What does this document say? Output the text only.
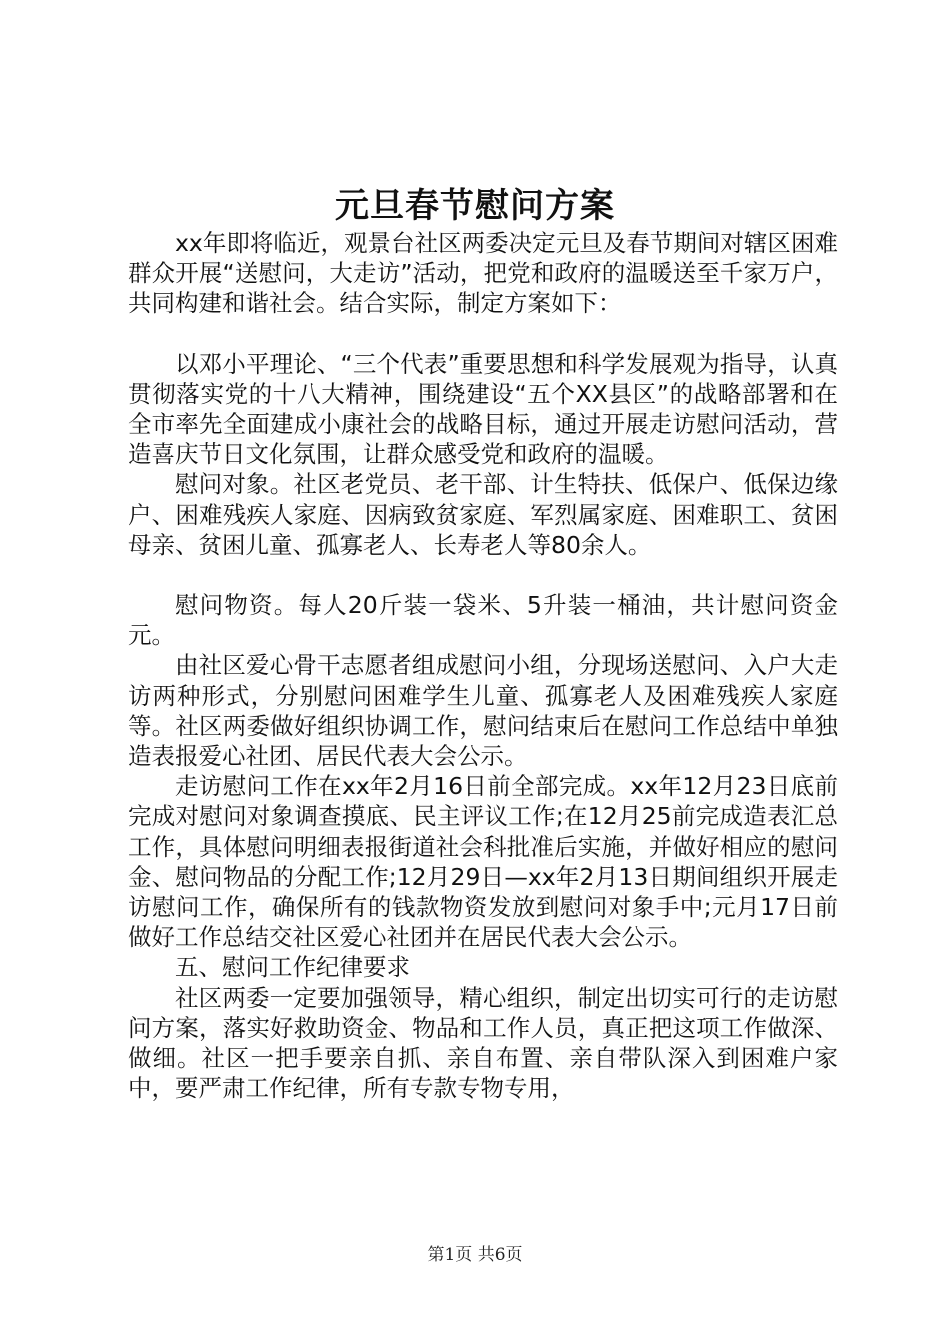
元旦春节慰问方案

xx年即将临近，观景台社区两委决定元旦及春节期间对辖区困难群众开展“送慰问，大走访”活动，把党和政府的温暖送至千家万户，共同构建和谐社会。结合实际，制定方案如下：

以邓小平理论、“三个代表”重要思想和科学发展观为指导，认真贯彻落实党的十八大精神，围绕建设“五个XX县区”的战略部署和在全市率先全面建成小康社会的战略目标，通过开展走访慰问活动，营造喜庆节日文化氛围，让群众感受党和政府的温暖。

慰问对象。社区老党员、老干部、计生特扶、低保户、低保边缘户、困难残疾人家庭、因病致贫家庭、军烈属家庭、困难职工、贫困母亲、贫困儿童、孤寡老人、长寿老人等80余人。

慰问物资。每人20斤装一袋米、5升装一桶油，共计慰问资金元。

由社区爱心骨干志愿者组成慰问小组，分现场送慰问、入户大走访两种形式，分别慰问困难学生儿童、孤寡老人及困难残疾人家庭等。社区两委做好组织协调工作，慰问结束后在慰问工作总结中单独造表报爱心社团、居民代表大会公示。

走访慰问工作在xx年2月16日前全部完成。xx年12月23日底前完成对慰问对象调查摸底、民主评议工作;在12月25前完成造表汇总工作，具体慰问明细表报街道社会科批准后实施，并做好相应的慰问金、慰问物品的分配工作;12月29日—xx年2月13日期间组织开展走访慰问工作，确保所有的钱款物资发放到慰问对象手中;元月17日前做好工作总结交社区爱心社团并在居民代表大会公示。

五、慰问工作纪律要求

社区两委一定要加强领导，精心组织，制定出切实可行的走访慰问方案，落实好救助资金、物品和工作人员，真正把这项工作做深、做细。社区一把手要亲自抓、亲自布置、亲自带队深入到困难户家中，要严肃工作纪律，所有专款专物专用，

第1页 共6页
